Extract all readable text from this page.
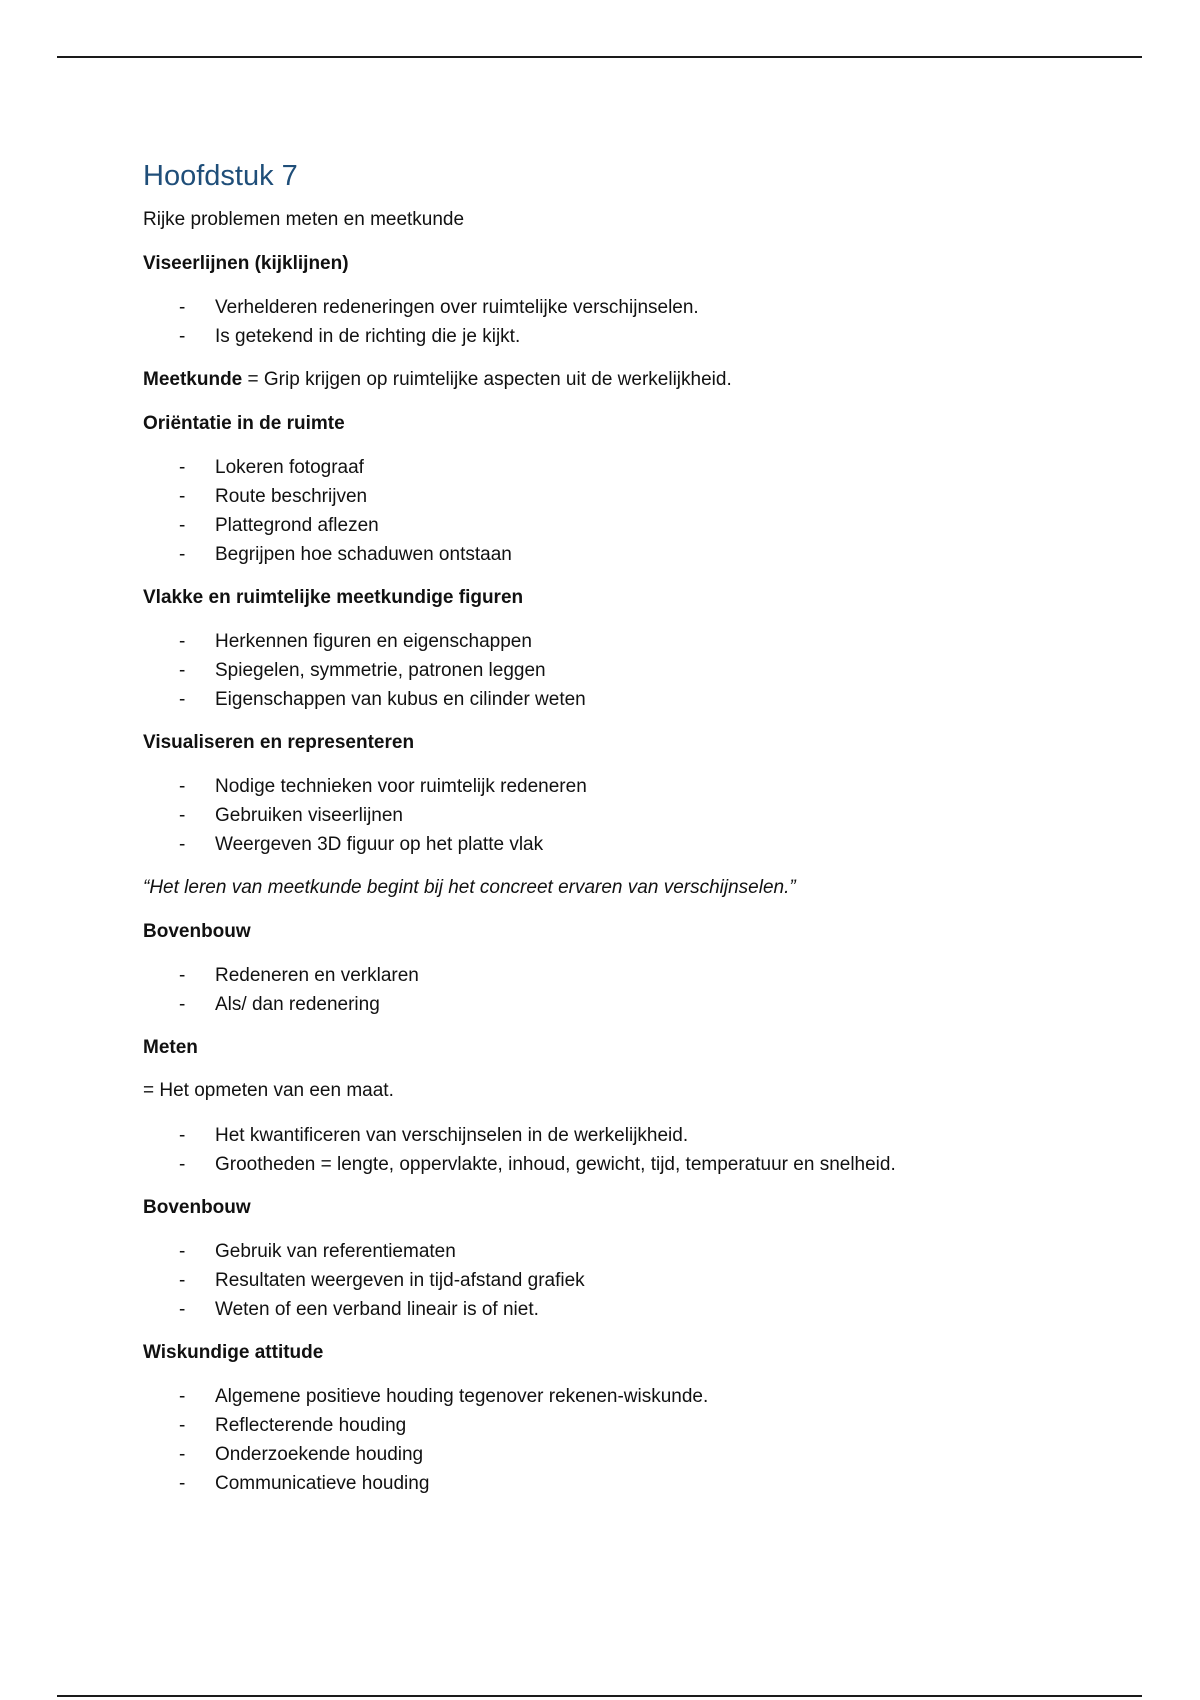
Hoofdstuk 7

Rijke problemen meten en meetkunde

Viseerlijnen (kijklijnen)
- Verhelderen redeneringen over ruimtelijke verschijnselen.
- Is getekend in de richting die je kijkt.

Meetkunde = Grip krijgen op ruimtelijke aspecten uit de werkelijkheid.

Oriëntatie in de ruimte
- Lokeren fotograaf
- Route beschrijven
- Plattegrond aflezen
- Begrijpen hoe schaduwen ontstaan
Vlakke en ruimtelijke meetkundige figuren
- Herkennen figuren en eigenschappen
- Spiegelen, symmetrie, patronen leggen
- Eigenschappen van kubus en cilinder weten
Visualiseren en representeren
- Nodige technieken voor ruimtelijk redeneren
- Gebruiken viseerlijnen
- Weergeven 3D figuur op het platte vlak

“Het leren van meetkunde begint bij het concreet ervaren van verschijnselen.”

Bovenbouw
- Redeneren en verklaren
- Als/ dan redenering
Meten

= Het opmeten van een maat.

- Het kwantificeren van verschijnselen in de werkelijkheid.
- Grootheden = lengte, oppervlakte, inhoud, gewicht, tijd, temperatuur en snelheid.
Bovenbouw
- Gebruik van referentiematen
- Resultaten weergeven in tijd-afstand grafiek
- Weten of een verband lineair is of niet.
Wiskundige attitude
- Algemene positieve houding tegenover rekenen-wiskunde.
- Reflecterende houding
- Onderzoekende houding
- Communicatieve houding
